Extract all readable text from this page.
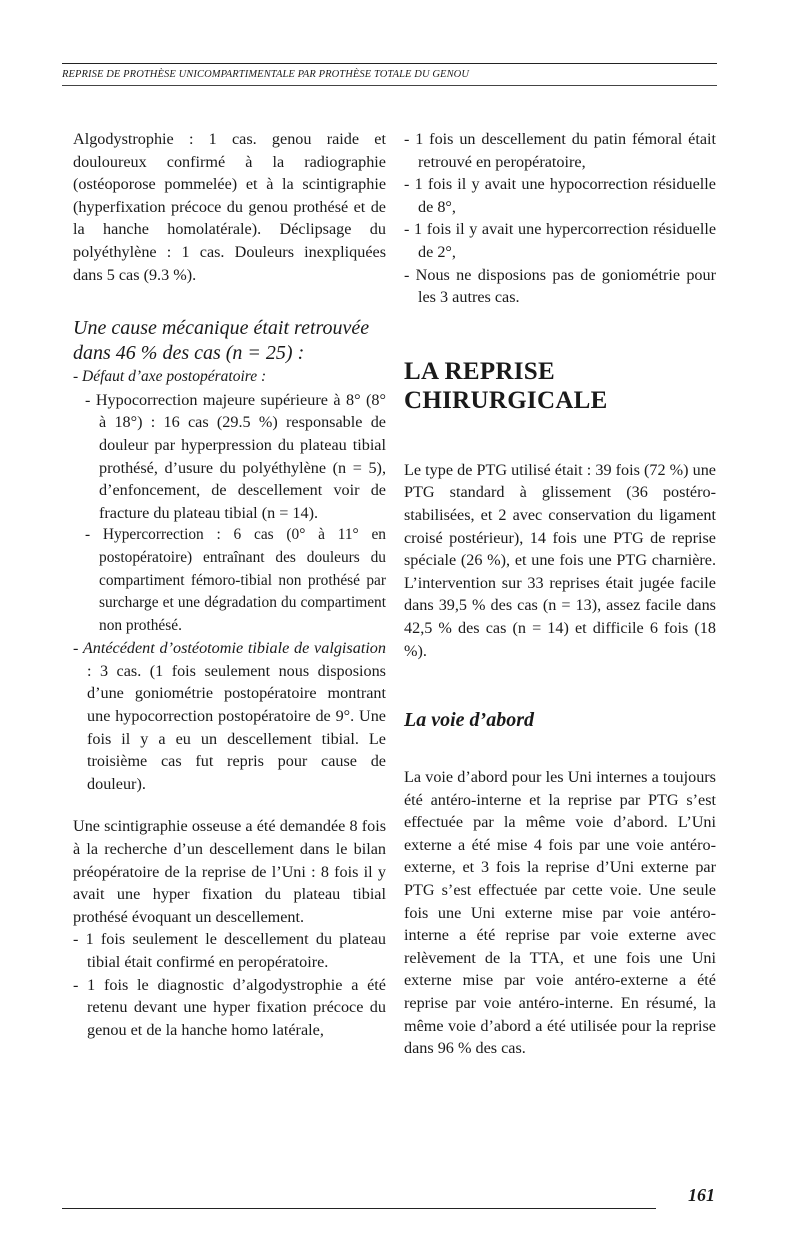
REPRISE DE PROTHÈSE UNICOMPARTIMENTALE PAR PROTHÈSE TOTALE DU GENOU

Algodystrophie : 1 cas. genou raide et douloureux confirmé à la radiographie (ostéoporose pommelée) et à la scintigraphie (hyperfixation précoce du genou prothésé et de la hanche homolatérale). Déclipsage du polyéthylène : 1 cas. Douleurs inexpliquées dans 5 cas (9.3 %).

Une cause mécanique était retrouvée dans 46 % des cas (n = 25) :

- Défaut d’axe postopératoire :

- Hypocorrection majeure supérieure à 8° (8° à 18°) : 16 cas (29.5 %) responsable de douleur par hyperpression du plateau tibial prothésé, d’usure du polyéthylène (n = 5), d’enfoncement, de descellement voir de fracture du plateau tibial (n = 14).

- Hypercorrection : 6 cas (0° à 11° en postopératoire) entraînant des douleurs du compartiment fémoro-tibial non prothésé par surcharge et une dégradation du compartiment non prothésé.

- Antécédent d’ostéotomie tibiale de valgisation : 3 cas. (1 fois seulement nous disposions d’une goniométrie postopératoire montrant une hypocorrection postopératoire de 9°. Une fois il y a eu un descellement tibial. Le troisième cas fut repris pour cause de douleur).

Une scintigraphie osseuse a été demandée 8 fois à la recherche d’un descellement dans le bilan préopératoire de la reprise de l’Uni : 8 fois il y avait une hyper fixation du plateau tibial prothésé évoquant un descellement.

- 1 fois seulement le descellement du plateau tibial était confirmé en peropératoire.

- 1 fois le diagnostic d’algodystrophie a été retenu devant une hyper fixation précoce du genou et de la hanche homo latérale,

- 1 fois un descellement du patin fémoral était retrouvé en peropératoire,

- 1 fois il y avait une hypocorrection résiduelle de 8°,

- 1 fois il y avait une hypercorrection résiduelle de 2°,

- Nous ne disposions pas de goniométrie pour les 3 autres cas.

LA REPRISE
CHIRURGICALE

Le type de PTG utilisé était : 39 fois (72 %) une PTG standard à glissement (36 postéro-stabilisées, et 2 avec conservation du ligament croisé postérieur), 14 fois une PTG de reprise spéciale (26 %), et une fois une PTG charnière. L’intervention sur 33 reprises était jugée facile dans 39,5 % des cas (n = 13), assez facile dans 42,5 % des cas (n = 14) et difficile 6 fois (18 %).

La voie d’abord

La voie d’abord pour les Uni internes a toujours été antéro-interne et la reprise par PTG s’est effectuée par la même voie d’abord. L’Uni externe a été mise 4 fois par une voie antéro-externe, et 3 fois la reprise d’Uni externe par PTG s’est effectuée par cette voie. Une seule fois une Uni externe mise par voie antéro-interne a été reprise par voie externe avec relèvement de la TTA, et une fois une Uni externe mise par voie antéro-externe a été reprise par voie antéro-interne. En résumé, la même voie d’abord a été utilisée pour la reprise dans 96 % des cas.

161
